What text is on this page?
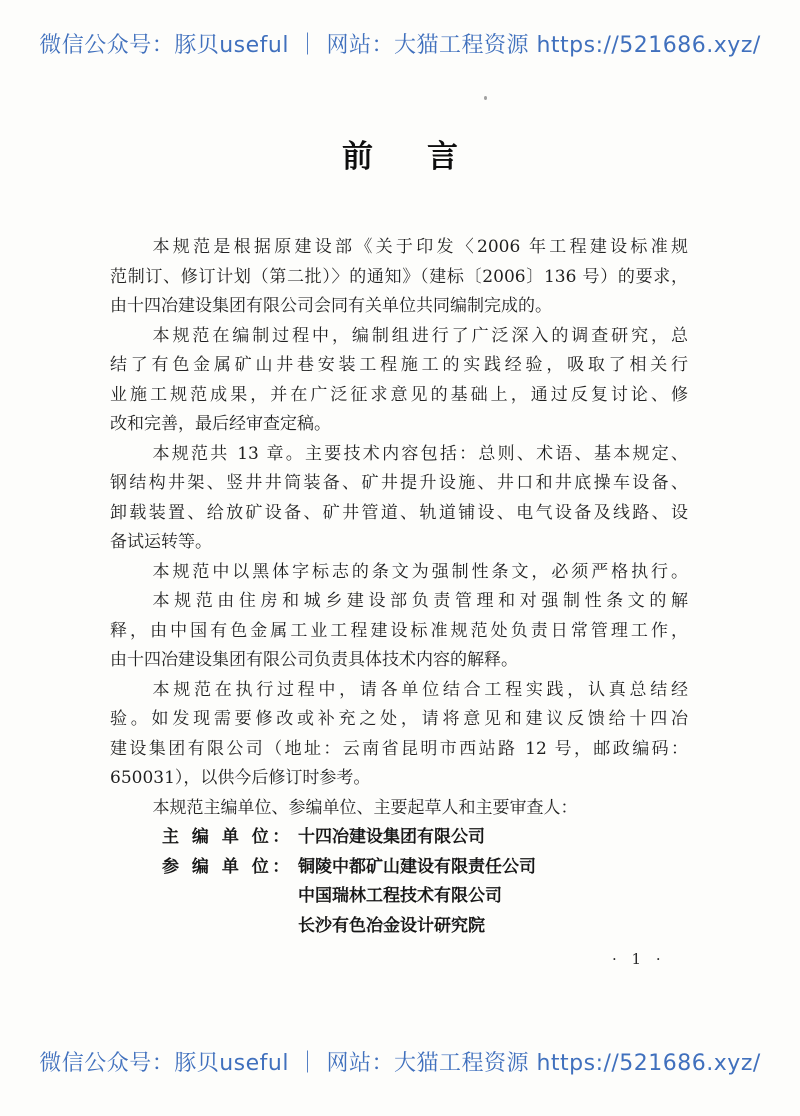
微信公众号：豚贝useful ｜ 网站：大猫工程资源 https://521686.xyz/
前 言
本规范是根据原建设部《关于印发〈2006 年工程建设标准规
范制订、修订计划（第二批）〉的通知》（建标〔2006〕136 号）的要求，
由十四冶建设集团有限公司会同有关单位共同编制完成的。
本规范在编制过程中，编制组进行了广泛深入的调查研究，总
结了有色金属矿山井巷安装工程施工的实践经验，吸取了相关行
业施工规范成果，并在广泛征求意见的基础上，通过反复讨论、修
改和完善，最后经审查定稿。
本规范共 13 章。主要技术内容包括：总则、术语、基本规定、
钢结构井架、竖井井筒装备、矿井提升设施、井口和井底操车设备、
卸载装置、给放矿设备、矿井管道、轨道铺设、电气设备及线路、设
备试运转等。
本规范中以黑体字标志的条文为强制性条文，必须严格执行。
本规范由住房和城乡建设部负责管理和对强制性条文的解
释，由中国有色金属工业工程建设标准规范处负责日常管理工作，
由十四冶建设集团有限公司负责具体技术内容的解释。
本规范在执行过程中，请各单位结合工程实践，认真总结经
验。如发现需要修改或补充之处，请将意见和建议反馈给十四冶
建设集团有限公司（地址：云南省昆明市西站路 12 号，邮政编码：
650031），以供今后修订时参考。
本规范主编单位、参编单位、主要起草人和主要审查人：
主 编 单 位： 十四冶建设集团有限公司
参 编 单 位： 铜陵中都矿山建设有限责任公司
中国瑞林工程技术有限公司
长沙有色冶金设计研究院
· 1 ·
微信公众号：豚贝useful ｜ 网站：大猫工程资源 https://521686.xyz/
